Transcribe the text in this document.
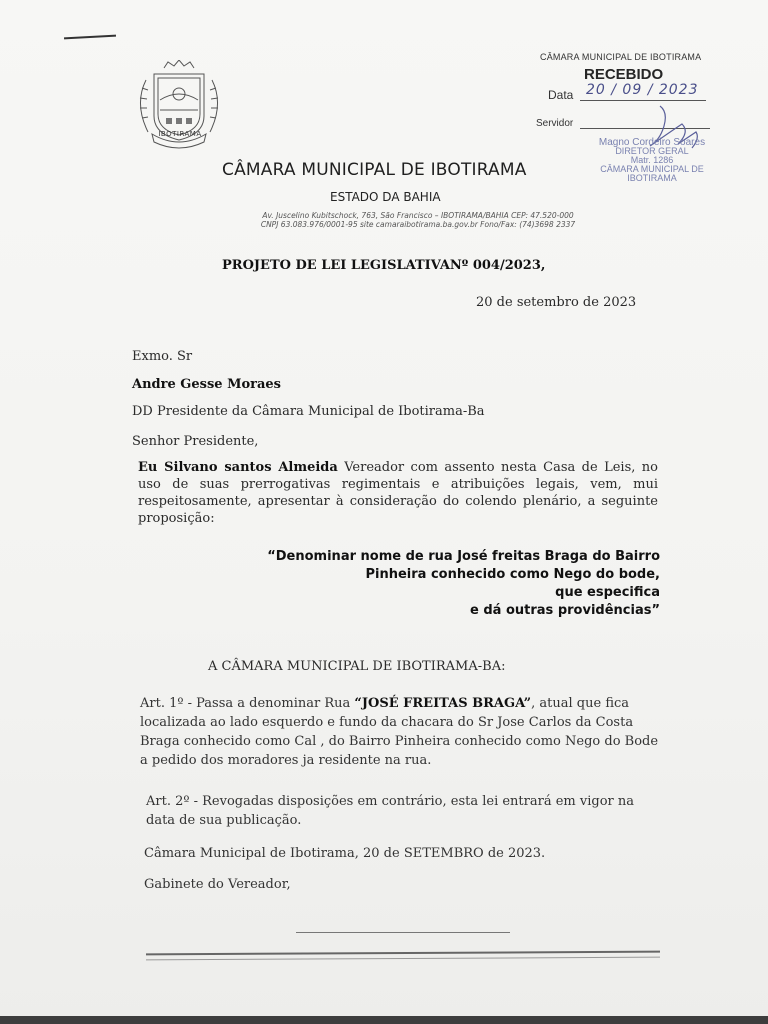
IBOTIRAMA
CÂMARA MUNICIPAL DE IBOTIRAMA
RECEBIDO
Data 20 / 09 / 2023
Servidor
Magno Cordeiro Soares
DIRETOR GERAL
Matr. 1286
CÂMARA MUNICIPAL DE IBOTIRAMA
CÂMARA MUNICIPAL DE IBOTIRAMA
ESTADO DA BAHIA
Av. Juscelino Kubitschock, 763, São Francisco – IBOTIRAMA/BAHIA CEP: 47.520-000
CNPJ 63.083.976/0001-95 site camaraibotirama.ba.gov.br Fono/Fax: (74)3698 2337
PROJETO DE LEI LEGISLATIVANº 004/2023,
20 de setembro de 2023
Exmo. Sr
Andre Gesse Moraes
DD Presidente da Câmara Municipal de Ibotirama-Ba
Senhor Presidente,
Eu Silvano santos Almeida Vereador com assento nesta Casa de Leis, no uso de suas prerrogativas regimentais e atribuições legais, vem, mui respeitosamente, apresentar à consideração do colendo plenário, a seguinte proposição:
“Denominar nome de rua José freitas Braga do Bairro
Pinheira conhecido como Nego do bode,
que especifica
e dá outras providências”
A CÂMARA MUNICIPAL DE IBOTIRAMA-BA:
Art. 1º - Passa a denominar Rua “JOSÉ FREITAS BRAGA”, atual que fica localizada ao lado esquerdo e fundo da chacara do Sr Jose Carlos da Costa Braga conhecido como Cal , do Bairro Pinheira conhecido como Nego do Bode a pedido dos moradores ja residente na rua.
Art. 2º - Revogadas disposições em contrário, esta lei entrará em vigor na data de sua publicação.
Câmara Municipal de Ibotirama, 20 de SETEMBRO de 2023.
Gabinete do Vereador,
